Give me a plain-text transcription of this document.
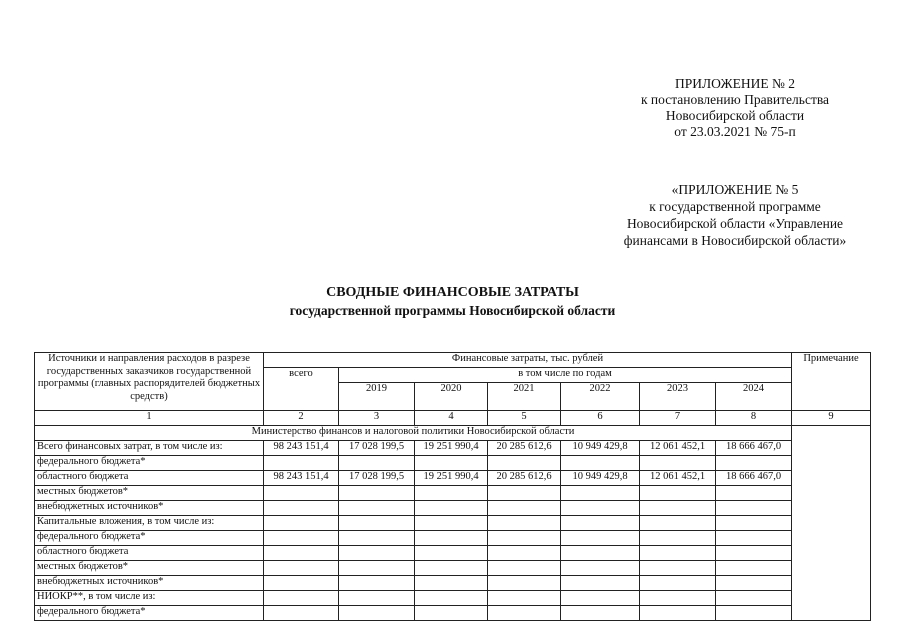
ПРИЛОЖЕНИЕ № 2
к постановлению Правительства
Новосибирской области
от 23.03.2021 № 75-п
«ПРИЛОЖЕНИЕ № 5
к государственной программе
Новосибирской области «Управление
финансами в Новосибирской области»
СВОДНЫЕ ФИНАНСОВЫЕ ЗАТРАТЫ
государственной программы Новосибирской области
Источники и направления расходов в разрезе государственных заказчиков государственной программы (главных распорядителей бюджетных средств)	Финансовые затраты, тыс. рублей							Примечание
	всего	в том числе по годам						
		2019	2020	2021	2022	2023	2024	
1	2	3	4	5	6	7	8	9
Министерство финансов и налоговой политики Новосибирской области								
Всего финансовых затрат, в том числе из:	98 243 151,4	17 028 199,5	19 251 990,4	20 285 612,6	10 949 429,8	12 061 452,1	18 666 467,0	
федерального бюджета*								
областного бюджета	98 243 151,4	17 028 199,5	19 251 990,4	20 285 612,6	10 949 429,8	12 061 452,1	18 666 467,0	
местных бюджетов*								
внебюджетных источников*								
Капитальные вложения, в том числе из:								
федерального бюджета*								
областного бюджета								
местных бюджетов*								
внебюджетных источников*								
НИОКР**, в том числе из:								
федерального бюджета*								
